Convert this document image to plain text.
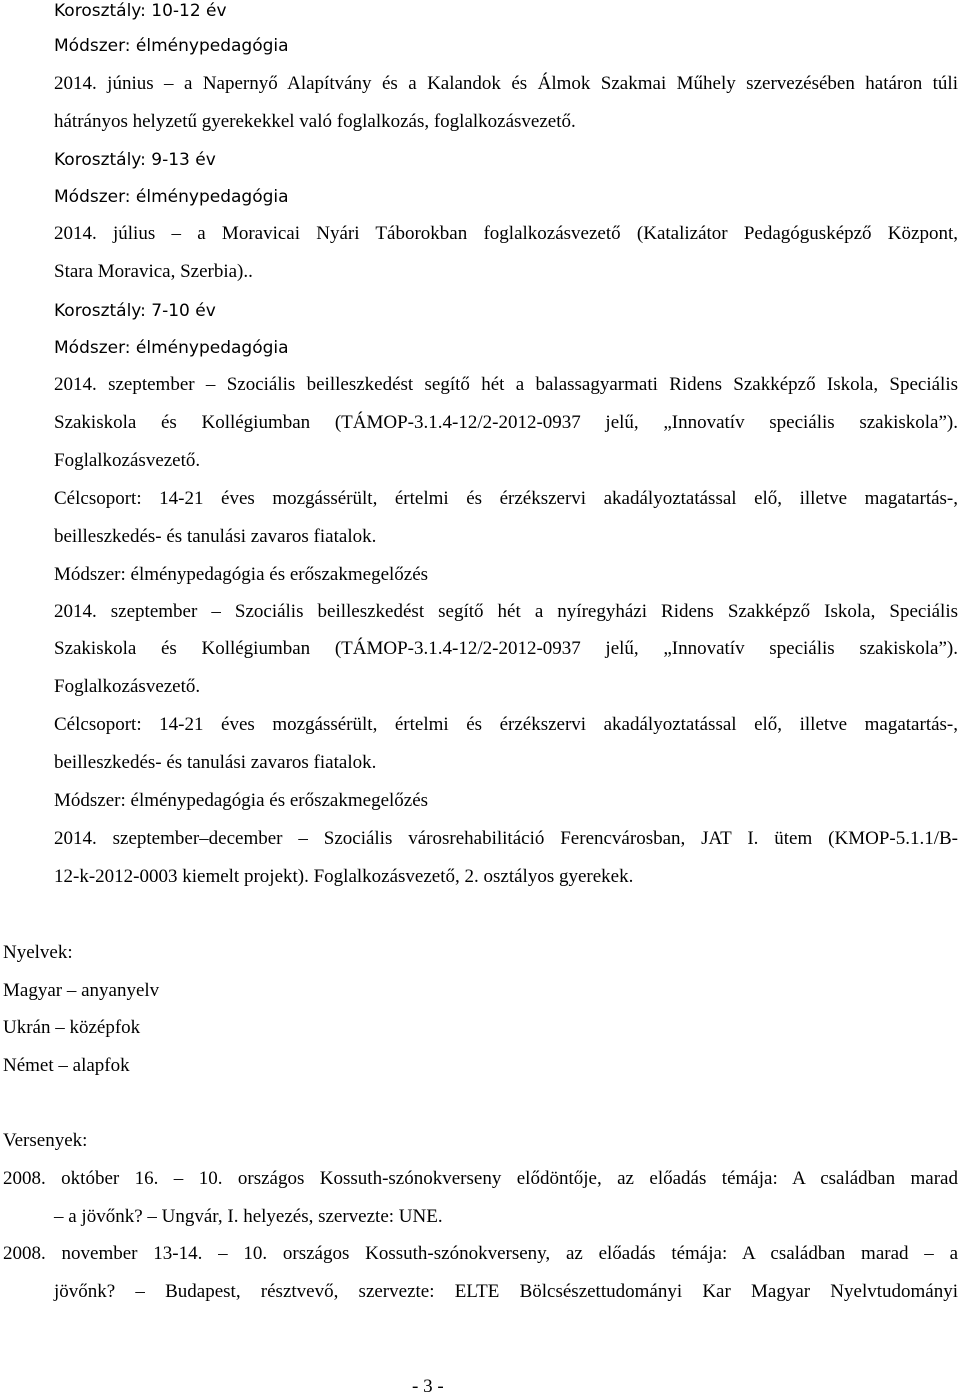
Korosztály: 10-12 év
Módszer: élménypedagógia
2014. június – a Napernyő Alapítvány és a Kalandok és Álmok Szakmai Műhely szervezésében határon túli
hátrányos helyzetű gyerekekkel való foglalkozás, foglalkozásvezető.
Korosztály: 9-13 év
Módszer: élménypedagógia
2014. július – a Moravicai Nyári Táborokban foglalkozásvezető (Katalizátor Pedagógusképző Központ,
Stara Moravica, Szerbia)..
Korosztály: 7-10 év
Módszer: élménypedagógia
2014. szeptember – Szociális beilleszkedést segítő hét a balassagyarmati Ridens Szakképző Iskola, Speciális
Szakiskola és Kollégiumban (TÁMOP-3.1.4-12/2-2012-0937 jelű, „Innovatív speciális szakiskola”).
Foglalkozásvezető.
Célcsoport: 14-21 éves mozgássérült, értelmi és érzékszervi akadályoztatással elő, illetve magatartás-,
beilleszkedés- és tanulási zavaros fiatalok.
Módszer: élménypedagógia és erőszakmegelőzés
2014. szeptember – Szociális beilleszkedést segítő hét a nyíregyházi Ridens Szakképző Iskola, Speciális
Szakiskola és Kollégiumban (TÁMOP-3.1.4-12/2-2012-0937 jelű, „Innovatív speciális szakiskola”).
Foglalkozásvezető.
Célcsoport: 14-21 éves mozgássérült, értelmi és érzékszervi akadályoztatással elő, illetve magatartás-,
beilleszkedés- és tanulási zavaros fiatalok.
Módszer: élménypedagógia és erőszakmegelőzés
2014. szeptember–december – Szociális városrehabilitáció Ferencvárosban, JAT I. ütem (KMOP-5.1.1/B-
12-k-2012-0003 kiemelt projekt). Foglalkozásvezető, 2. osztályos gyerekek.
Nyelvek:
Magyar – anyanyelv
Ukrán – középfok
Német – alapfok
Versenyek:
2008. október 16. – 10. országos Kossuth-szónokverseny elődöntője, az előadás témája: A családban marad
– a jövőnk? – Ungvár, I. helyezés, szervezte: UNE.
2008. november 13-14. – 10. országos Kossuth-szónokverseny, az előadás témája: A családban marad – a
jövőnk? – Budapest, résztvevő, szervezte: ELTE Bölcsészettudományi Kar Magyar Nyelvtudományi
- 3 -
